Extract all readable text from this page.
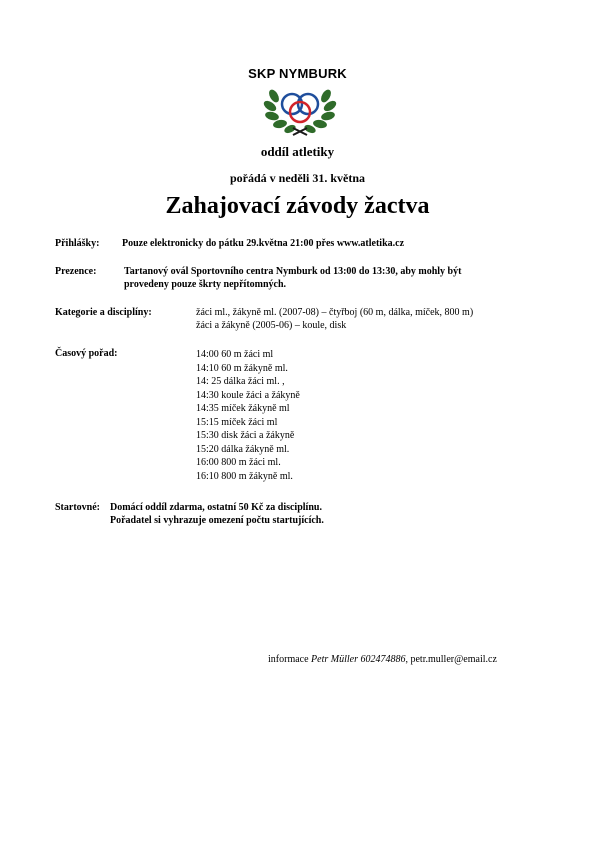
SKP NYMBURK
oddíl atletiky
pořádá v neděli 31. května
Zahajovací závody žactva
Přihlášky: Pouze elektronicky do pátku 29.května 21:00 přes www.atletika.cz
Prezence:	Tartanový ovál Sportovního centra Nymburk od 13:00 do 13:30, aby mohly být
provedeny pouze škrty nepřítomných.
Kategorie a disciplíny:	žáci ml., žákyně ml. (2007-08) – čtyřboj (60 m, dálka, míček, 800 m)
žáci a žákyně (2005-06) – koule, disk
Časový pořad:	14:00 60 m žáci ml
14:10 60 m žákyně ml.
14: 25 dálka žáci ml. ,
14:30 koule žáci a žákyně
14:35 míček žákyně ml
15:15 míček žáci ml
15:30 disk žáci a žákyně
15:20 dálka žákyně ml.
16:00 800 m žáci ml.
16:10 800 m žákyně ml.
Startovné: Domácí oddíl zdarma, ostatní 50 Kč za disciplínu.
Pořadatel si vyhrazuje omezení počtu startujících.
informace Petr Müller 602474886, petr.muller@email.cz
